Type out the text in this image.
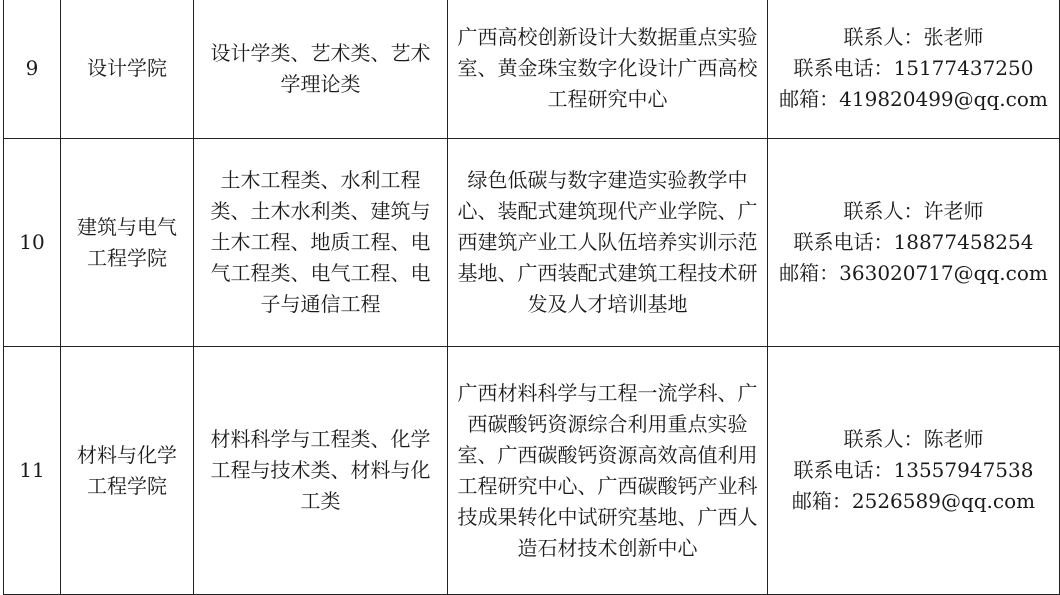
9	设计学院	设计学类、艺术类、艺术学理论类	广西高校创新设计大数据重点实验室、黄金珠宝数字化设计广西高校工程研究中心	联系人：张老师
联系电话：15177437250
邮箱：419820499@qq.com

10	建筑与电气工程学院	土木工程类、水利工程类、土木水利类、建筑与土木工程、地质工程、电气工程类、电气工程、电子与通信工程	绿色低碳与数字建造实验教学中心、装配式建筑现代产业学院、广西建筑产业工人队伍培养实训示范基地、广西装配式建筑工程技术研发及人才培训基地	联系人：许老师
联系电话：18877458254
邮箱：363020717@qq.com

11	材料与化学工程学院	材料科学与工程类、化学工程与技术类、材料与化工类	广西材料科学与工程一流学科、广西碳酸钙资源综合利用重点实验室、广西碳酸钙资源高效高值利用工程研究中心、广西碳酸钙产业科技成果转化中试研究基地、广西人造石材技术创新中心	联系人：陈老师
联系电话：13557947538
邮箱：2526589@qq.com
